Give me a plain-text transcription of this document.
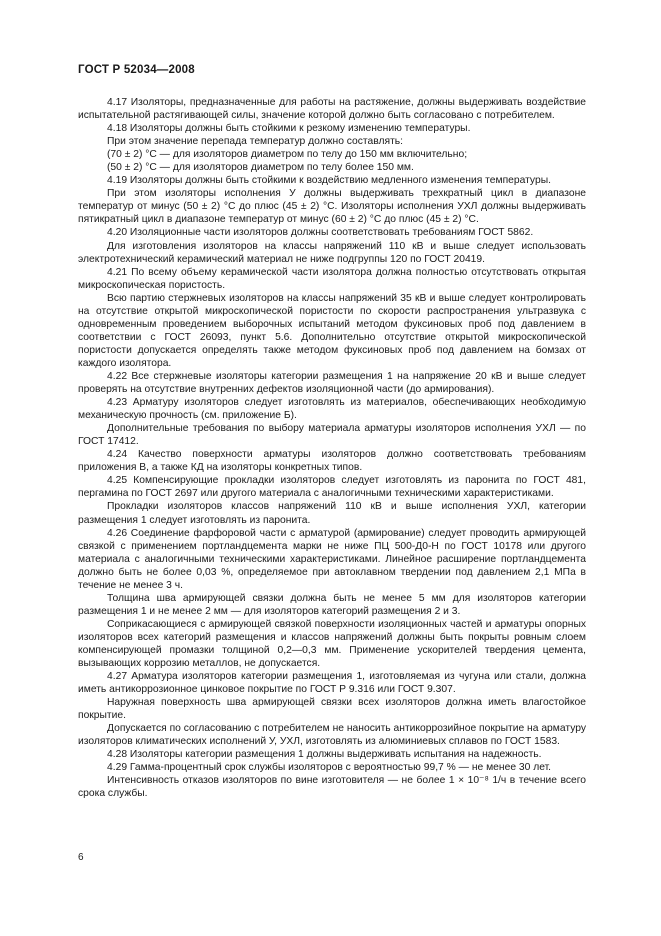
ГОСТ Р 52034—2008

4.17 Изоляторы, предназначенные для работы на растяжение, должны выдерживать воздействие испытательной растягивающей силы, значение которой должно быть согласовано с потребителем.

4.18 Изоляторы должны быть стойкими к резкому изменению температуры.

При этом значение перепада температур должно составлять:

(70 ± 2) °С — для изоляторов диаметром по телу до 150 мм включительно;

(50 ± 2) °С — для изоляторов диаметром по телу более 150 мм.

4.19 Изоляторы должны быть стойкими к воздействию медленного изменения температуры.

При этом изоляторы исполнения У должны выдерживать трехкратный цикл в диапазоне температур от минус (50 ± 2) °С до плюс (45 ± 2) °С. Изоляторы исполнения УХЛ должны выдерживать пятикратный цикл в диапазоне температур от минус (60 ± 2) °С до плюс (45 ± 2) °С.

4.20 Изоляционные части изоляторов должны соответствовать требованиям ГОСТ 5862.

Для изготовления изоляторов на классы напряжений 110 кВ и выше следует использовать электротехнический керамический материал не ниже подгруппы 120 по ГОСТ 20419.

4.21 По всему объему керамической части изолятора должна полностью отсутствовать открытая микроскопическая пористость.

Всю партию стержневых изоляторов на классы напряжений 35 кВ и выше следует контролировать на отсутствие открытой микроскопической пористости по скорости распространения ультразвука с одновременным проведением выборочных испытаний методом фуксиновых проб под давлением в соответствии с ГОСТ 26093, пункт 5.6. Дополнительно отсутствие открытой микроскопической пористости допускается определять также методом фуксиновых проб под давлением на бомзах от каждого изолятора.

4.22 Все стержневые изоляторы категории размещения 1 на напряжение 20 кВ и выше следует проверять на отсутствие внутренних дефектов изоляционной части (до армирования).

4.23 Арматуру изоляторов следует изготовлять из материалов, обеспечивающих необходимую механическую прочность (см. приложение Б).

Дополнительные требования по выбору материала арматуры изоляторов исполнения УХЛ — по ГОСТ 17412.

4.24 Качество поверхности арматуры изоляторов должно соответствовать требованиям приложения В, а также КД на изоляторы конкретных типов.

4.25 Компенсирующие прокладки изоляторов следует изготовлять из паронита по ГОСТ 481, пергамина по ГОСТ 2697 или другого материала с аналогичными техническими характеристиками.

Прокладки изоляторов классов напряжений 110 кВ и выше исполнения УХЛ, категории размещения 1 следует изготовлять из паронита.

4.26 Соединение фарфоровой части с арматурой (армирование) следует проводить армирующей связкой с применением портландцемента марки не ниже ПЦ 500-Д0-Н по ГОСТ 10178 или другого материала с аналогичными техническими характеристиками. Линейное расширение портландцемента должно быть не более 0,03 %, определяемое при автоклавном твердении под давлением 2,1 МПа в течение не менее 3 ч.

Толщина шва армирующей связки должна быть не менее 5 мм для изоляторов категории размещения 1 и не менее 2 мм — для изоляторов категорий размещения 2 и 3.

Соприкасающиеся с армирующей связкой поверхности изоляционных частей и арматуры опорных изоляторов всех категорий размещения и классов напряжений должны быть покрыты ровным слоем компенсирующей промазки толщиной 0,2—0,3 мм. Применение ускорителей твердения цемента, вызывающих коррозию металлов, не допускается.

4.27 Арматура изоляторов категории размещения 1, изготовляемая из чугуна или стали, должна иметь антикоррозионное цинковое покрытие по ГОСТ Р 9.316 или ГОСТ 9.307.

Наружная поверхность шва армирующей связки всех изоляторов должна иметь влагостойкое покрытие.

Допускается по согласованию с потребителем не наносить антикоррозийное покрытие на арматуру изоляторов климатических исполнений У, УХЛ, изготовлять из алюминиевых сплавов по ГОСТ 1583.

4.28 Изоляторы категории размещения 1 должны выдерживать испытания на надежность.

4.29 Гамма-процентный срок службы изоляторов с вероятностью 99,7 % — не менее 30 лет.

Интенсивность отказов изоляторов по вине изготовителя — не более 1 × 10⁻⁸ 1/ч в течение всего срока службы.

6
